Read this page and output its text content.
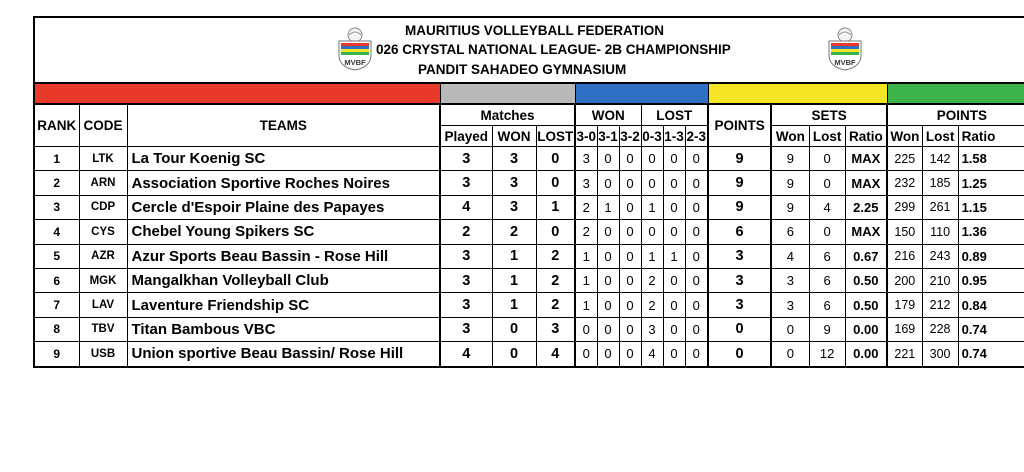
MVBF
MAURITIUS VOLLEYBALL FEDERATION
026 CRYSTAL NATIONAL LEAGUE- 2B CHAMPIONSHIP
PANDIT SAHADEO GYMNASIUM	MVBF

RANK	CODE	TEAMS	Matches			WON			LOST			POINTS	SETS			POINTS		
			Played	WON	LOST	3-0	3-1	3-2	0-3	1-3	2-3		Won	Lost	Ratio	Won	Lost	Ratio
1	LTK	La Tour Koenig SC	3	3	0	3	0	0	0	0	0	9	9	0	MAX	225	142	1.58
2	ARN	Association Sportive Roches Noires	3	3	0	3	0	0	0	0	0	9	9	0	MAX	232	185	1.25
3	CDP	Cercle d'Espoir Plaine des Papayes	4	3	1	2	1	0	1	0	0	9	9	4	2.25	299	261	1.15
4	CYS	Chebel Young Spikers SC	2	2	0	2	0	0	0	0	0	6	6	0	MAX	150	110	1.36
5	AZR	Azur Sports Beau Bassin - Rose Hill	3	1	2	1	0	0	1	1	0	3	4	6	0.67	216	243	0.89
6	MGK	Mangalkhan Volleyball Club	3	1	2	1	0	0	2	0	0	3	3	6	0.50	200	210	0.95
7	LAV	Laventure Friendship SC	3	1	2	1	0	0	2	0	0	3	3	6	0.50	179	212	0.84
8	TBV	Titan Bambous VBC	3	0	3	0	0	0	3	0	0	0	0	9	0.00	169	228	0.74
9	USB	Union sportive Beau Bassin/ Rose Hill	4	0	4	0	0	0	4	0	0	0	0	12	0.00	221	300	0.74
